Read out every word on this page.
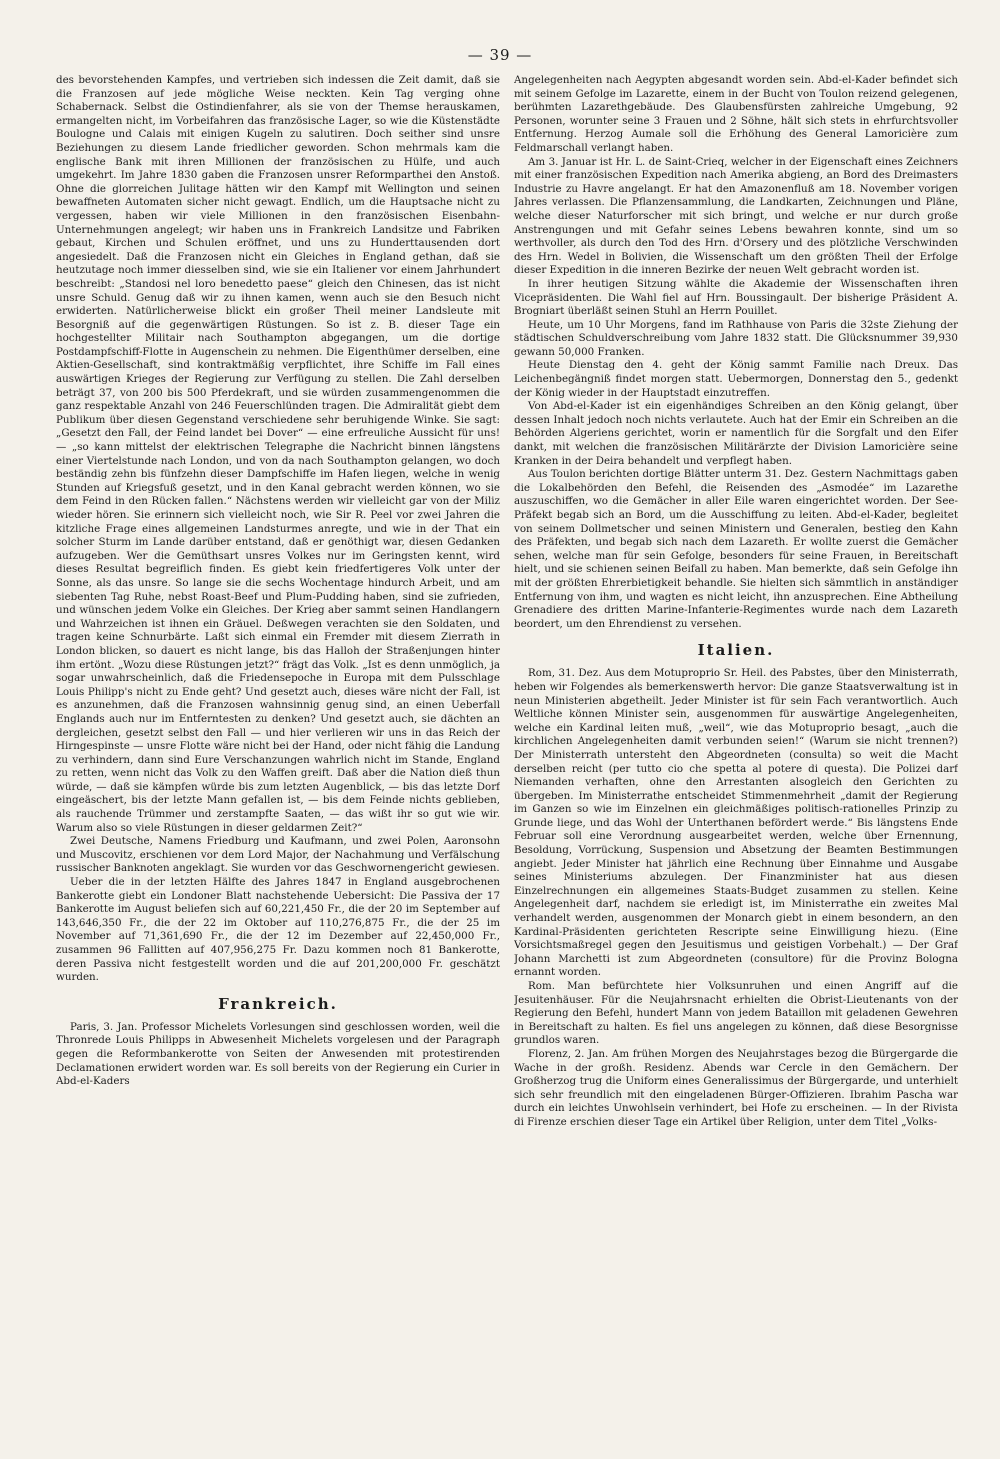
— 39 —

des bevorstehenden Kampfes, und vertrieben sich indessen die Zeit damit, daß sie die Franzosen auf jede mögliche Weise neckten. Kein Tag verging ohne Schabernack. Selbst die Ostindienfahrer, als sie von der Themse herauskamen, ermangelten nicht, im Vorbeifahren das französische Lager, so wie die Küstenstädte Boulogne und Calais mit einigen Kugeln zu salutiren. Doch seither sind unsre Beziehungen zu diesem Lande friedlicher geworden. Schon mehrmals kam die englische Bank mit ihren Millionen der französischen zu Hülfe, und auch umgekehrt. Im Jahre 1830 gaben die Franzosen unsrer Reformparthei den Anstoß. Ohne die glorreichen Julitage hätten wir den Kampf mit Wellington und seinen bewaffneten Automaten sicher nicht gewagt. Endlich, um die Hauptsache nicht zu vergessen, haben wir viele Millionen in den französischen Eisenbahn-Unternehmungen angelegt; wir haben uns in Frankreich Landsitze und Fabriken gebaut, Kirchen und Schulen eröffnet, und uns zu Hunderttausenden dort angesiedelt. Daß die Franzosen nicht ein Gleiches in England gethan, daß sie heutzutage noch immer diesselben sind, wie sie ein Italiener vor einem Jahrhundert beschreibt: „Standosi nel loro benedetto paese“ gleich den Chinesen, das ist nicht unsre Schuld. Genug daß wir zu ihnen kamen, wenn auch sie den Besuch nicht erwiderten. Natürlicherweise blickt ein großer Theil meiner Landsleute mit Besorgniß auf die gegenwärtigen Rüstungen. So ist z. B. dieser Tage ein hochgestellter Militair nach Southampton abgegangen, um die dortige Postdampfschiff-Flotte in Augenschein zu nehmen. Die Eigenthümer derselben, eine Aktien-Gesellschaft, sind kontraktmäßig verpflichtet, ihre Schiffe im Fall eines auswärtigen Krieges der Regierung zur Verfügung zu stellen. Die Zahl derselben beträgt 37, von 200 bis 500 Pferdekraft, und sie würden zusammengenommen die ganz respektable Anzahl von 246 Feuerschlünden tragen. Die Admiralität giebt dem Publikum über diesen Gegenstand verschiedene sehr beruhigende Winke. Sie sagt: „Gesetzt den Fall, der Feind landet bei Dover“ — eine erfreuliche Aussicht für uns! — „so kann mittelst der elektrischen Telegraphe die Nachricht binnen längstens einer Viertelstunde nach London, und von da nach Southampton gelangen, wo doch beständig zehn bis fünfzehn dieser Dampfschiffe im Hafen liegen, welche in wenig Stunden auf Kriegsfuß gesetzt, und in den Kanal gebracht werden können, wo sie dem Feind in den Rücken fallen.“ Nächstens werden wir vielleicht gar von der Miliz wieder hören. Sie erinnern sich vielleicht noch, wie Sir R. Peel vor zwei Jahren die kitzliche Frage eines allgemeinen Landsturmes anregte, und wie in der That ein solcher Sturm im Lande darüber entstand, daß er genöthigt war, diesen Gedanken aufzugeben. Wer die Gemüthsart unsres Volkes nur im Geringsten kennt, wird dieses Resultat begreiflich finden. Es giebt kein friedfertigeres Volk unter der Sonne, als das unsre. So lange sie die sechs Wochentage hindurch Arbeit, und am siebenten Tag Ruhe, nebst Roast-Beef und Plum-Pudding haben, sind sie zufrieden, und wünschen jedem Volke ein Gleiches. Der Krieg aber sammt seinen Handlangern und Wahrzeichen ist ihnen ein Gräuel. Deßwegen verachten sie den Soldaten, und tragen keine Schnurbärte. Laßt sich einmal ein Fremder mit diesem Zierrath in London blicken, so dauert es nicht lange, bis das Halloh der Straßenjungen hinter ihm ertönt. „Wozu diese Rüstungen jetzt?“ frägt das Volk. „Ist es denn unmöglich, ja sogar unwahrscheinlich, daß die Friedensepoche in Europa mit dem Pulsschlage Louis Philipp's nicht zu Ende geht? Und gesetzt auch, dieses wäre nicht der Fall, ist es anzunehmen, daß die Franzosen wahnsinnig genug sind, an einen Ueberfall Englands auch nur im Entferntesten zu denken? Und gesetzt auch, sie dächten an dergleichen, gesetzt selbst den Fall — und hier verlieren wir uns in das Reich der Hirngespinste — unsre Flotte wäre nicht bei der Hand, oder nicht fähig die Landung zu verhindern, dann sind Eure Verschanzungen wahrlich nicht im Stande, England zu retten, wenn nicht das Volk zu den Waffen greift. Daß aber die Nation dieß thun würde, — daß sie kämpfen würde bis zum letzten Augenblick, — bis das letzte Dorf eingeäschert, bis der letzte Mann gefallen ist, — bis dem Feinde nichts geblieben, als rauchende Trümmer und zerstampfte Saaten, — das wißt ihr so gut wie wir. Warum also so viele Rüstungen in dieser geldarmen Zeit?“

Zwei Deutsche, Namens Friedburg und Kaufmann, und zwei Polen, Aaronsohn und Muscovitz, erschienen vor dem Lord Major, der Nachahmung und Verfälschung russischer Banknoten angeklagt. Sie wurden vor das Geschwornengericht gewiesen.

Ueber die in der letzten Hälfte des Jahres 1847 in England ausgebrochenen Bankerotte giebt ein Londoner Blatt nachstehende Uebersicht: Die Passiva der 17 Bankerotte im August beliefen sich auf 60,221,450 Fr., die der 20 im September auf 143,646,350 Fr., die der 22 im Oktober auf 110,276,875 Fr., die der 25 im November auf 71,361,690 Fr., die der 12 im Dezember auf 22,450,000 Fr., zusammen 96 Fallitten auf 407,956,275 Fr. Dazu kommen noch 81 Bankerotte, deren Passiva nicht festgestellt worden und die auf 201,200,000 Fr. geschätzt wurden.

Frankreich.

Paris, 3. Jan. Professor Michelets Vorlesungen sind geschlossen worden, weil die Thronrede Louis Philipps in Abwesenheit Michelets vorgelesen und der Paragraph gegen die Reformbankerotte von Seiten der Anwesenden mit protestirenden Declamationen erwidert worden war. Es soll bereits von der Regierung ein Curier in Abd-el-Kaders

Angelegenheiten nach Aegypten abgesandt worden sein. Abd-el-Kader befindet sich mit seinem Gefolge im Lazarette, einem in der Bucht von Toulon reizend gelegenen, berühmten Lazarethgebäude. Des Glaubensfürsten zahlreiche Umgebung, 92 Personen, worunter seine 3 Frauen und 2 Söhne, hält sich stets in ehrfurchtsvoller Entfernung. Herzog Aumale soll die Erhöhung des General Lamoricière zum Feldmarschall verlangt haben.

Am 3. Januar ist Hr. L. de Saint-Crieq, welcher in der Eigenschaft eines Zeichners mit einer französischen Expedition nach Amerika abgieng, an Bord des Dreimasters Industrie zu Havre angelangt. Er hat den Amazonenfluß am 18. November vorigen Jahres verlassen. Die Pflanzensammlung, die Landkarten, Zeichnungen und Pläne, welche dieser Naturforscher mit sich bringt, und welche er nur durch große Anstrengungen und mit Gefahr seines Lebens bewahren konnte, sind um so werthvoller, als durch den Tod des Hrn. d'Orsery und des plötzliche Verschwinden des Hrn. Wedel in Bolivien, die Wissenschaft um den größten Theil der Erfolge dieser Expedition in die inneren Bezirke der neuen Welt gebracht worden ist.

In ihrer heutigen Sitzung wählte die Akademie der Wissenschaften ihren Vicepräsidenten. Die Wahl fiel auf Hrn. Boussingault. Der bisherige Präsident A. Brogniart überläßt seinen Stuhl an Herrn Pouillet.

Heute, um 10 Uhr Morgens, fand im Rathhause von Paris die 32ste Ziehung der städtischen Schuldverschreibung vom Jahre 1832 statt. Die Glücksnummer 39,930 gewann 50,000 Franken.

Heute Dienstag den 4. geht der König sammt Familie nach Dreux. Das Leichenbegängniß findet morgen statt. Uebermorgen, Donnerstag den 5., gedenkt der König wieder in der Hauptstadt einzutreffen.

Von Abd-el-Kader ist ein eigenhändiges Schreiben an den König gelangt, über dessen Inhalt jedoch noch nichts verlautete. Auch hat der Emir ein Schreiben an die Behörden Algeriens gerichtet, worin er namentlich für die Sorgfalt und den Eifer dankt, mit welchen die französischen Militärärzte der Division Lamoricière seine Kranken in der Deira behandelt und verpflegt haben.

Aus Toulon berichten dortige Blätter unterm 31. Dez. Gestern Nachmittags gaben die Lokalbehörden den Befehl, die Reisenden des „Asmodée“ im Lazarethe auszuschiffen, wo die Gemächer in aller Eile waren eingerichtet worden. Der See-Präfekt begab sich an Bord, um die Ausschiffung zu leiten. Abd-el-Kader, begleitet von seinem Dollmetscher und seinen Ministern und Generalen, bestieg den Kahn des Präfekten, und begab sich nach dem Lazareth. Er wollte zuerst die Gemächer sehen, welche man für sein Gefolge, besonders für seine Frauen, in Bereitschaft hielt, und sie schienen seinen Beifall zu haben. Man bemerkte, daß sein Gefolge ihn mit der größten Ehrerbietigkeit behandle. Sie hielten sich sämmtlich in anständiger Entfernung von ihm, und wagten es nicht leicht, ihn anzusprechen. Eine Abtheilung Grenadiere des dritten Marine-Infanterie-Regimentes wurde nach dem Lazareth beordert, um den Ehrendienst zu versehen.

Italien.

Rom, 31. Dez. Aus dem Motuproprio Sr. Heil. des Pabstes, über den Ministerrath, heben wir Folgendes als bemerkenswerth hervor: Die ganze Staatsverwaltung ist in neun Ministerien abgetheilt. Jeder Minister ist für sein Fach verantwortlich. Auch Weltliche können Minister sein, ausgenommen für auswärtige Angelegenheiten, welche ein Kardinal leiten muß, „weil“, wie das Motuproprio besagt, „auch die kirchlichen Angelegenheiten damit verbunden seien!“ (Warum sie nicht trennen?) Der Ministerrath untersteht den Abgeordneten (consulta) so weit die Macht derselben reicht (per tutto cio che spetta al potere di questa). Die Polizei darf Niemanden verhaften, ohne den Arrestanten alsogleich den Gerichten zu übergeben. Im Ministerrathe entscheidet Stimmenmehrheit „damit der Regierung im Ganzen so wie im Einzelnen ein gleichmäßiges politisch-rationelles Prinzip zu Grunde liege, und das Wohl der Unterthanen befördert werde.“ Bis längstens Ende Februar soll eine Verordnung ausgearbeitet werden, welche über Ernennung, Besoldung, Vorrückung, Suspension und Absetzung der Beamten Bestimmungen angiebt. Jeder Minister hat jährlich eine Rechnung über Einnahme und Ausgabe seines Ministeriums abzulegen. Der Finanzminister hat aus diesen Einzelrechnungen ein allgemeines Staats-Budget zusammen zu stellen. Keine Angelegenheit darf, nachdem sie erledigt ist, im Ministerrathe ein zweites Mal verhandelt werden, ausgenommen der Monarch giebt in einem besondern, an den Kardinal-Präsidenten gerichteten Rescripte seine Einwilligung hiezu. (Eine Vorsichtsmaßregel gegen den Jesuitismus und geistigen Vorbehalt.) — Der Graf Johann Marchetti ist zum Abgeordneten (consultore) für die Provinz Bologna ernannt worden.

Rom. Man befürchtete hier Volksunruhen und einen Angriff auf die Jesuitenhäuser. Für die Neujahrsnacht erhielten die Obrist-Lieutenants von der Regierung den Befehl, hundert Mann von jedem Bataillon mit geladenen Gewehren in Bereitschaft zu halten. Es fiel uns angelegen zu können, daß diese Besorgnisse grundlos waren.

Florenz, 2. Jan. Am frühen Morgen des Neujahrstages bezog die Bürgergarde die Wache in der großh. Residenz. Abends war Cercle in den Gemächern. Der Großherzog trug die Uniform eines Generalissimus der Bürgergarde, und unterhielt sich sehr freundlich mit den eingeladenen Bürger-Offizieren. Ibrahim Pascha war durch ein leichtes Unwohlsein verhindert, bei Hofe zu erscheinen. — In der Rivista di Firenze erschien dieser Tage ein Artikel über Religion, unter dem Titel „Volks-
